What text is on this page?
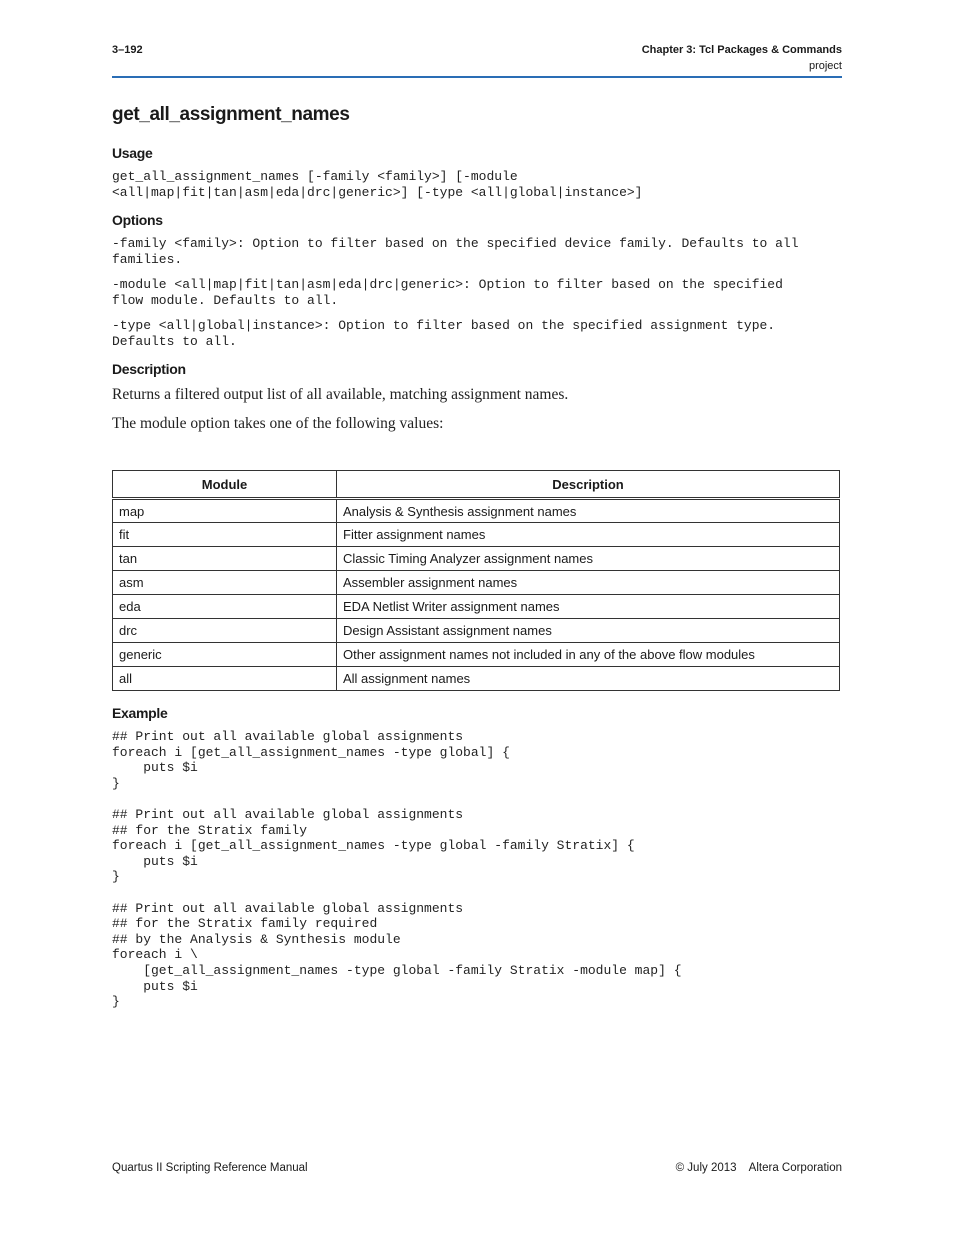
3–192	Chapter 3: Tcl Packages & Commands
project
get_all_assignment_names
Usage
get_all_assignment_names [-family <family>] [-module
<all|map|fit|tan|asm|eda|drc|generic>] [-type <all|global|instance>]
Options
-family <family>: Option to filter based on the specified device family. Defaults to all
families.
-module <all|map|fit|tan|asm|eda|drc|generic>: Option to filter based on the specified
flow module. Defaults to all.
-type <all|global|instance>: Option to filter based on the specified assignment type.
Defaults to all.
Description

Returns a filtered output list of all available, matching assignment names.

The module option takes one of the following values:

Module	Description
map	Analysis & Synthesis assignment names
fit	Fitter assignment names
tan	Classic Timing Analyzer assignment names
asm	Assembler assignment names
eda	EDA Netlist Writer assignment names
drc	Design Assistant assignment names
generic	Other assignment names not included in any of the above flow modules
all	All assignment names
Example
## Print out all available global assignments
foreach i [get_all_assignment_names -type global] {
puts $i
}

## Print out all available global assignments
## for the Stratix family
foreach i [get_all_assignment_names -type global -family Stratix] {
puts $i
}

## Print out all available global assignments
## for the Stratix family required
## by the Analysis & Synthesis module
foreach i \
[get_all_assignment_names -type global -family Stratix -module map] {
puts $i
}
Quartus II Scripting Reference Manual	© July 2013    Altera Corporation
